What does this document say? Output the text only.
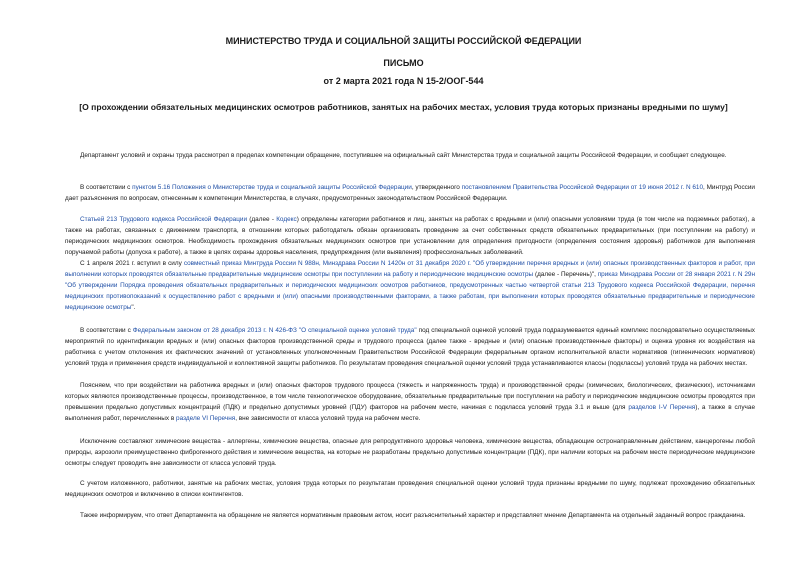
МИНИСТЕРСТВО ТРУДА И СОЦИАЛЬНОЙ ЗАЩИТЫ РОССИЙСКОЙ ФЕДЕРАЦИИ
ПИСЬМО
от 2 марта 2021 года N 15-2/ООГ-544
[О прохождении обязательных медицинских осмотров работников, занятых на рабочих местах, условия труда которых признаны вредными по шуму]

Департамент условий и охраны труда рассмотрел в пределах компетенции обращение, поступившее на официальный сайт Министерства труда и социальной защиты Российской Федерации, и сообщает следующее.

В соответствии с пунктом 5.16 Положения о Министерстве труда и социальной защиты Российской Федерации, утвержденного постановлением Правительства Российской Федерации от 19 июня 2012 г. N 610, Минтруд России дает разъяснения по вопросам, отнесенным к компетенции Министерства, в случаях, предусмотренных законодательством Российской Федерации.

Статьей 213 Трудового кодекса Российской Федерации (далее - Кодекс) определены категории работников и лиц, занятых на работах с вредными и (или) опасными условиями труда (в том числе на подземных работах), а также на работах, связанных с движением транспорта, в отношении которых работодатель обязан организовать проведение за счет собственных средств обязательных предварительных (при поступлении на работу) и периодических медицинских осмотров. Необходимость прохождения обязательных медицинских осмотров при установлении для определения пригодности (определения состояния здоровья) работников для выполнения поручаемой работы (допуска к работе), а также в целях охраны здоровья населения, предупреждения (или выявления) профессиональных заболеваний.

С 1 апреля 2021 г. вступил в силу совместный приказ Минтруда России N 988н, Минздрава России N 1420н от 31 декабря 2020 г. "Об утверждении перечня вредных и (или) опасных производственных факторов и работ, при выполнении которых проводятся обязательные предварительные медицинские осмотры при поступлении на работу и периодические медицинские осмотры (далее - Перечень)", приказ Минздрава России от 28 января 2021 г. N 29н "Об утверждении Порядка проведения обязательных предварительных и периодических медицинских осмотров работников, предусмотренных частью четвертой статьи 213 Трудового кодекса Российской Федерации, перечня медицинских противопоказаний к осуществлению работ с вредными и (или) опасными производственными факторами, а также работам, при выполнении которых проводятся обязательные предварительные и периодические медицинские осмотры".

В соответствии с Федеральным законом от 28 декабря 2013 г. N 426-ФЗ "О специальной оценке условий труда" под специальной оценкой условий труда подразумевается единый комплекс последовательно осуществляемых мероприятий по идентификации вредных и (или) опасных факторов производственной среды и трудового процесса (далее также - вредные и (или) опасные производственные факторы) и оценка уровня их воздействия на работника с учетом отклонения их фактических значений от установленных уполномоченным Правительством Российской Федерации федеральным органом исполнительной власти нормативов (гигиенических нормативов) условий труда и применения средств индивидуальной и коллективной защиты работников. По результатам проведения специальной оценки условий труда устанавливаются классы (подклассы) условий труда на рабочих местах.

Поясняем, что при воздействии на работника вредных и (или) опасных факторов трудового процесса (тяжесть и напряженность труда) и производственной среды (химических, биологических, физических), источниками которых являются производственные процессы, производственное, в том числе технологическое оборудование, обязательные предварительные при поступлении на работу и периодические медицинские осмотры проводятся при превышении предельно допустимых концентраций (ПДК) и предельно допустимых уровней (ПДУ) факторов на рабочем месте, начиная с подкласса условий труда 3.1 и выше (для разделов I-V Перечня), а также в случае выполнения работ, перечисленных в разделе VI Перечня, вне зависимости от класса условий труда на рабочем месте.

Исключение составляют химические вещества - аллергены, химические вещества, опасные для репродуктивного здоровья человека, химические вещества, обладающие остронаправленным действием, канцерогены любой природы, аэрозоли преимущественно фиброгенного действия и химические вещества, на которые не разработаны предельно допустимые концентрации (ПДК), при наличии которых на рабочем месте периодические медицинские осмотры следует проводить вне зависимости от класса условий труда.

С учетом изложенного, работники, занятые на рабочих местах, условия труда которых по результатам проведения специальной оценки условий труда признаны вредными по шуму, подлежат прохождению обязательных медицинских осмотров и включению в списки контингентов.

Также информируем, что ответ Департамента на обращение не является нормативным правовым актом, носит разъяснительный характер и представляет мнение Департамента на отдельный заданный вопрос гражданина.
